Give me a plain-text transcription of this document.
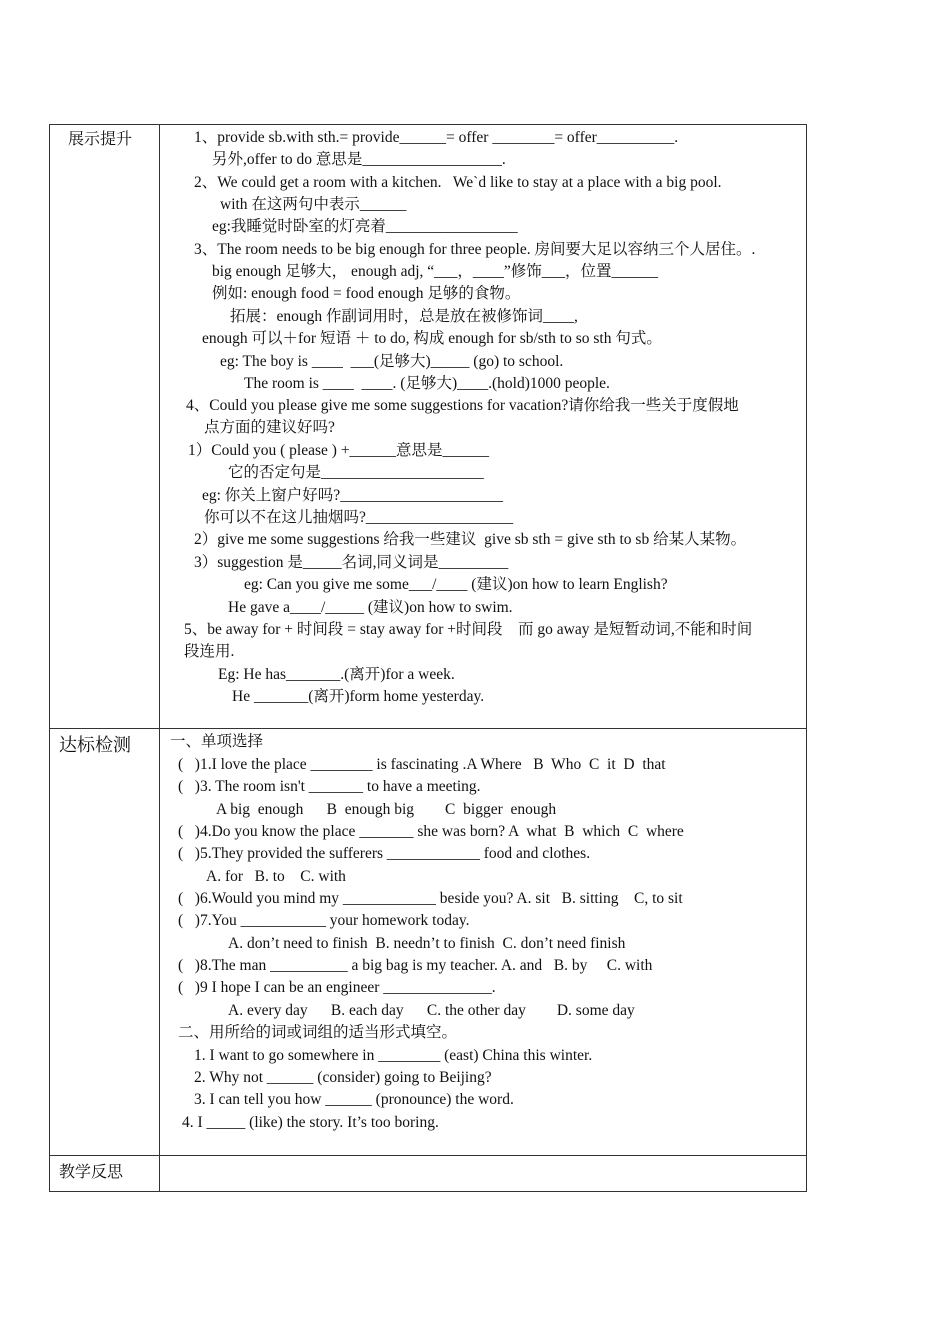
展示提升	1、provide sb.with sth.= provide______= offer ________= offer__________.
另外,offer to do 意思是__________________.
2、We could get a room with a kitchen.   We`d like to stay at a place with a big pool.
with 在这两句中表示______
eg:我睡觉时卧室的灯亮着_________________
3、The room needs to be big enough for three people. 房间要大足以容纳三个人居住。.
big enough 足够大， enough adj, “___，____”修饰___，位置______
例如: enough food = food enough 足够的食物。
拓展：enough 作副词用时，总是放在被修饰词____,
enough 可以＋for 短语 ＋ to do, 构成 enough for sb/sth to so sth 句式。
eg: The boy is ____  ___(足够大)_____ (go) to school.
The room is ____  ____. (足够大)____.(hold)1000 people.
4、Could you please give me some suggestions for vacation?请你给我一些关于度假地
点方面的建议好吗?
1）Could you ( please ) +______意思是______
它的否定句是_____________________
eg: 你关上窗户好吗?_____________________
你可以不在这儿抽烟吗?___________________
2）give me some suggestions 给我一些建议  give sb sth = give sth to sb 给某人某物。
3）suggestion 是_____名词,同义词是_________
eg: Can you give me some___/____ (建议)on how to learn English?
He gave a____/_____ (建议)on how to swim.
5、be away for + 时间段 = stay away for +时间段    而 go away 是短暂动词,不能和时间
段连用.
Eg: He has_______.(离开)for a week.
He _______(离开)form home yesterday.
达标检测	一、单项选择
(   )1.I love the place ________ is fascinating .A Where   B  Who  C  it  D  that
(   )3. The room isn't _______ to have a meeting.
A big  enough      B  enough big        C  bigger  enough
(   )4.Do you know the place _______ she was born? A  what  B  which  C  where
(   )5.They provided the sufferers ____________ food and clothes.
A. for   B. to    C. with
(   )6.Would you mind my ____________ beside you? A. sit   B. sitting    C, to sit
(   )7.You ___________ your homework today.
A. don’t need to finish  B. needn’t to finish  C. don’t need finish
(   )8.The man __________ a big bag is my teacher. A. and   B. by     C. with
(   )9 I hope I can be an engineer ______________.
A. every day      B. each day      C. the other day        D. some day
二、用所给的词或词组的适当形式填空。
1. I want to go somewhere in ________ (east) China this winter.
2. Why not ______ (consider) going to Beijing?
3. I can tell you how ______ (pronounce) the word.
4. I _____ (like) the story. It’s too boring.
教学反思
